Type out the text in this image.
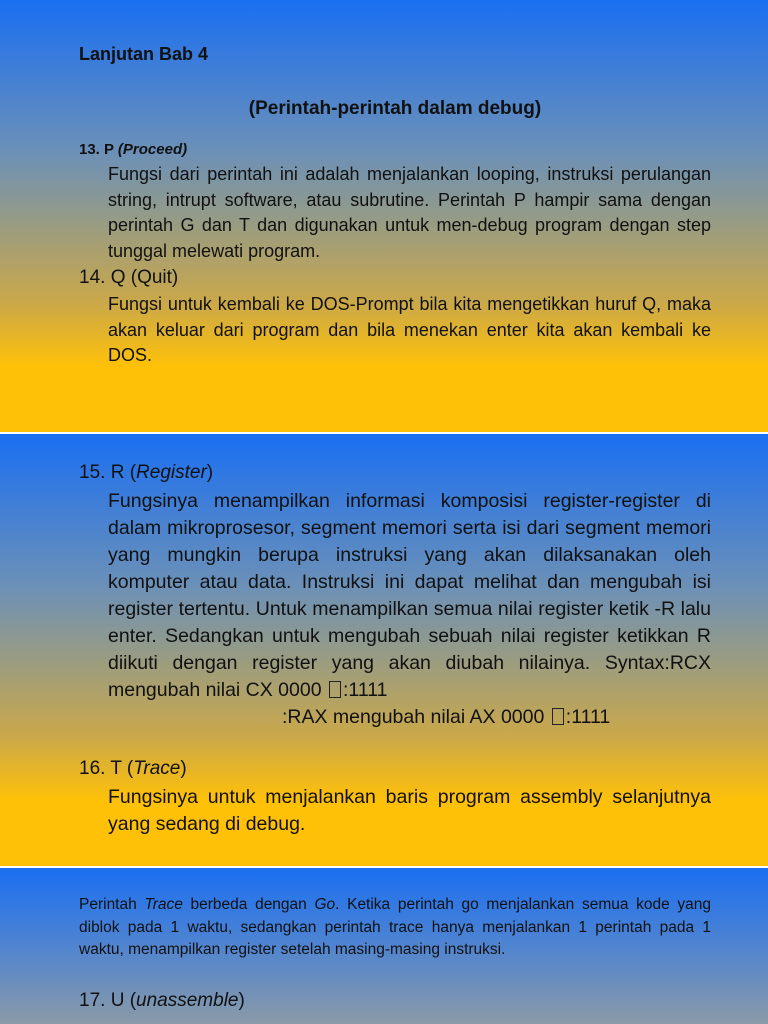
Lanjutan Bab 4
(Perintah-perintah dalam debug)
13. P (Proceed)
Fungsi dari perintah ini adalah menjalankan looping, instruksi perulangan string, intrupt software, atau subrutine. Perintah P hampir sama dengan perintah G dan T dan digunakan untuk men-debug program dengan step tunggal melewati program.
14. Q (Quit)
Fungsi untuk kembali ke DOS-Prompt bila kita mengetikkan huruf Q, maka akan keluar dari program dan bila menekan enter kita akan kembali ke DOS.
15. R (Register)
Fungsinya menampilkan informasi komposisi register-register di dalam mikroprosesor, segment memori serta isi dari segment memori yang mungkin berupa instruksi yang akan dilaksanakan oleh komputer atau data. Instruksi ini dapat melihat dan mengubah isi register tertentu. Untuk menampilkan semua nilai register ketik -R lalu enter. Sedangkan untuk mengubah sebuah nilai register ketikkan R diikuti dengan register yang akan diubah nilainya. Syntax:RCX mengubah nilai CX 0000 :1111
:RAX mengubah nilai AX 0000 :1111
16. T (Trace)
Fungsinya untuk menjalankan baris program assembly selanjutnya yang sedang di debug.
Perintah Trace berbeda dengan Go. Ketika perintah go menjalankan semua kode yang diblok pada 1 waktu, sedangkan perintah trace hanya menjalankan 1 perintah pada 1 waktu, menampilkan register setelah masing-masing instruksi.
17. U (unassemble)
